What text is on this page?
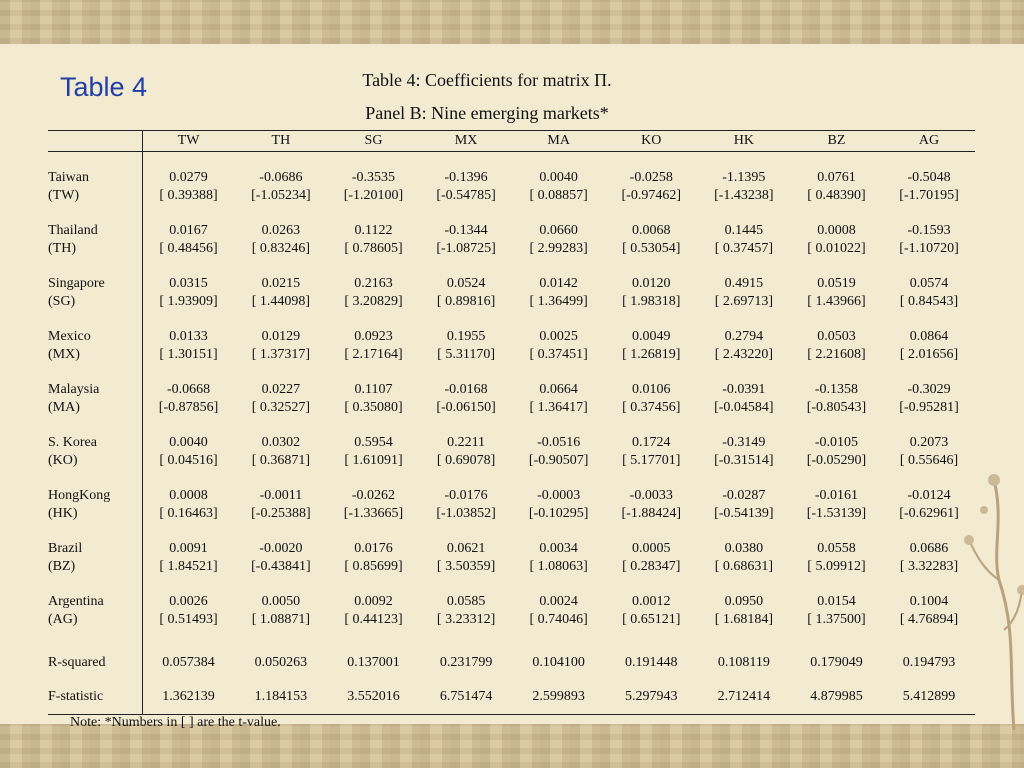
Table 4	Table 4: Coefficients for matrix Π.
Panel B: Nine emerging markets*
	TW	TH	SG	MX	MA	KO	HK	BZ	AG

Taiwan	0.0279	-0.0686	-0.3535	-0.1396	0.0040	-0.0258	-1.1395	0.0761	-0.5048
(TW)	[ 0.39388]	[-1.05234]	[-1.20100]	[-0.54785]	[ 0.08857]	[-0.97462]	[-1.43238]	[ 0.48390]	[-1.70195]

Thailand	0.0167	0.0263	0.1122	-0.1344	0.0660	0.0068	0.1445	0.0008	-0.1593
(TH)	[ 0.48456]	[ 0.83246]	[ 0.78605]	[-1.08725]	[ 2.99283]	[ 0.53054]	[ 0.37457]	[ 0.01022]	[-1.10720]

Singapore	0.0315	0.0215	0.2163	0.0524	0.0142	0.0120	0.4915	0.0519	0.0574
(SG)	[ 1.93909]	[ 1.44098]	[ 3.20829]	[ 0.89816]	[ 1.36499]	[ 1.98318]	[ 2.69713]	[ 1.43966]	[ 0.84543]

Mexico	0.0133	0.0129	0.0923	0.1955	0.0025	0.0049	0.2794	0.0503	0.0864
(MX)	[ 1.30151]	[ 1.37317]	[ 2.17164]	[ 5.31170]	[ 0.37451]	[ 1.26819]	[ 2.43220]	[ 2.21608]	[ 2.01656]

Malaysia	-0.0668	0.0227	0.1107	-0.0168	0.0664	0.0106	-0.0391	-0.1358	-0.3029
(MA)	[-0.87856]	[ 0.32527]	[ 0.35080]	[-0.06150]	[ 1.36417]	[ 0.37456]	[-0.04584]	[-0.80543]	[-0.95281]

S. Korea	0.0040	0.0302	0.5954	0.2211	-0.0516	0.1724	-0.3149	-0.0105	0.2073
(KO)	[ 0.04516]	[ 0.36871]	[ 1.61091]	[ 0.69078]	[-0.90507]	[ 5.17701]	[-0.31514]	[-0.05290]	[ 0.55646]

HongKong	0.0008	-0.0011	-0.0262	-0.0176	-0.0003	-0.0033	-0.0287	-0.0161	-0.0124
(HK)	[ 0.16463]	[-0.25388]	[-1.33665]	[-1.03852]	[-0.10295]	[-1.88424]	[-0.54139]	[-1.53139]	[-0.62961]

Brazil	0.0091	-0.0020	0.0176	0.0621	0.0034	0.0005	0.0380	0.0558	0.0686
(BZ)	[ 1.84521]	[-0.43841]	[ 0.85699]	[ 3.50359]	[ 1.08063]	[ 0.28347]	[ 0.68631]	[ 5.09912]	[ 3.32283]

Argentina	0.0026	0.0050	0.0092	0.0585	0.0024	0.0012	0.0950	0.0154	0.1004
(AG)	[ 0.51493]	[ 1.08871]	[ 0.44123]	[ 3.23312]	[ 0.74046]	[ 0.65121]	[ 1.68184]	[ 1.37500]	[ 4.76894]

R-squared	0.057384	0.050263	0.137001	0.231799	0.104100	0.191448	0.108119	0.179049	0.194793
F-statistic	1.362139	1.184153	3.552016	6.751474	2.599893	5.297943	2.712414	4.879985	5.412899
Note: *Numbers in [ ] are the t-value.
